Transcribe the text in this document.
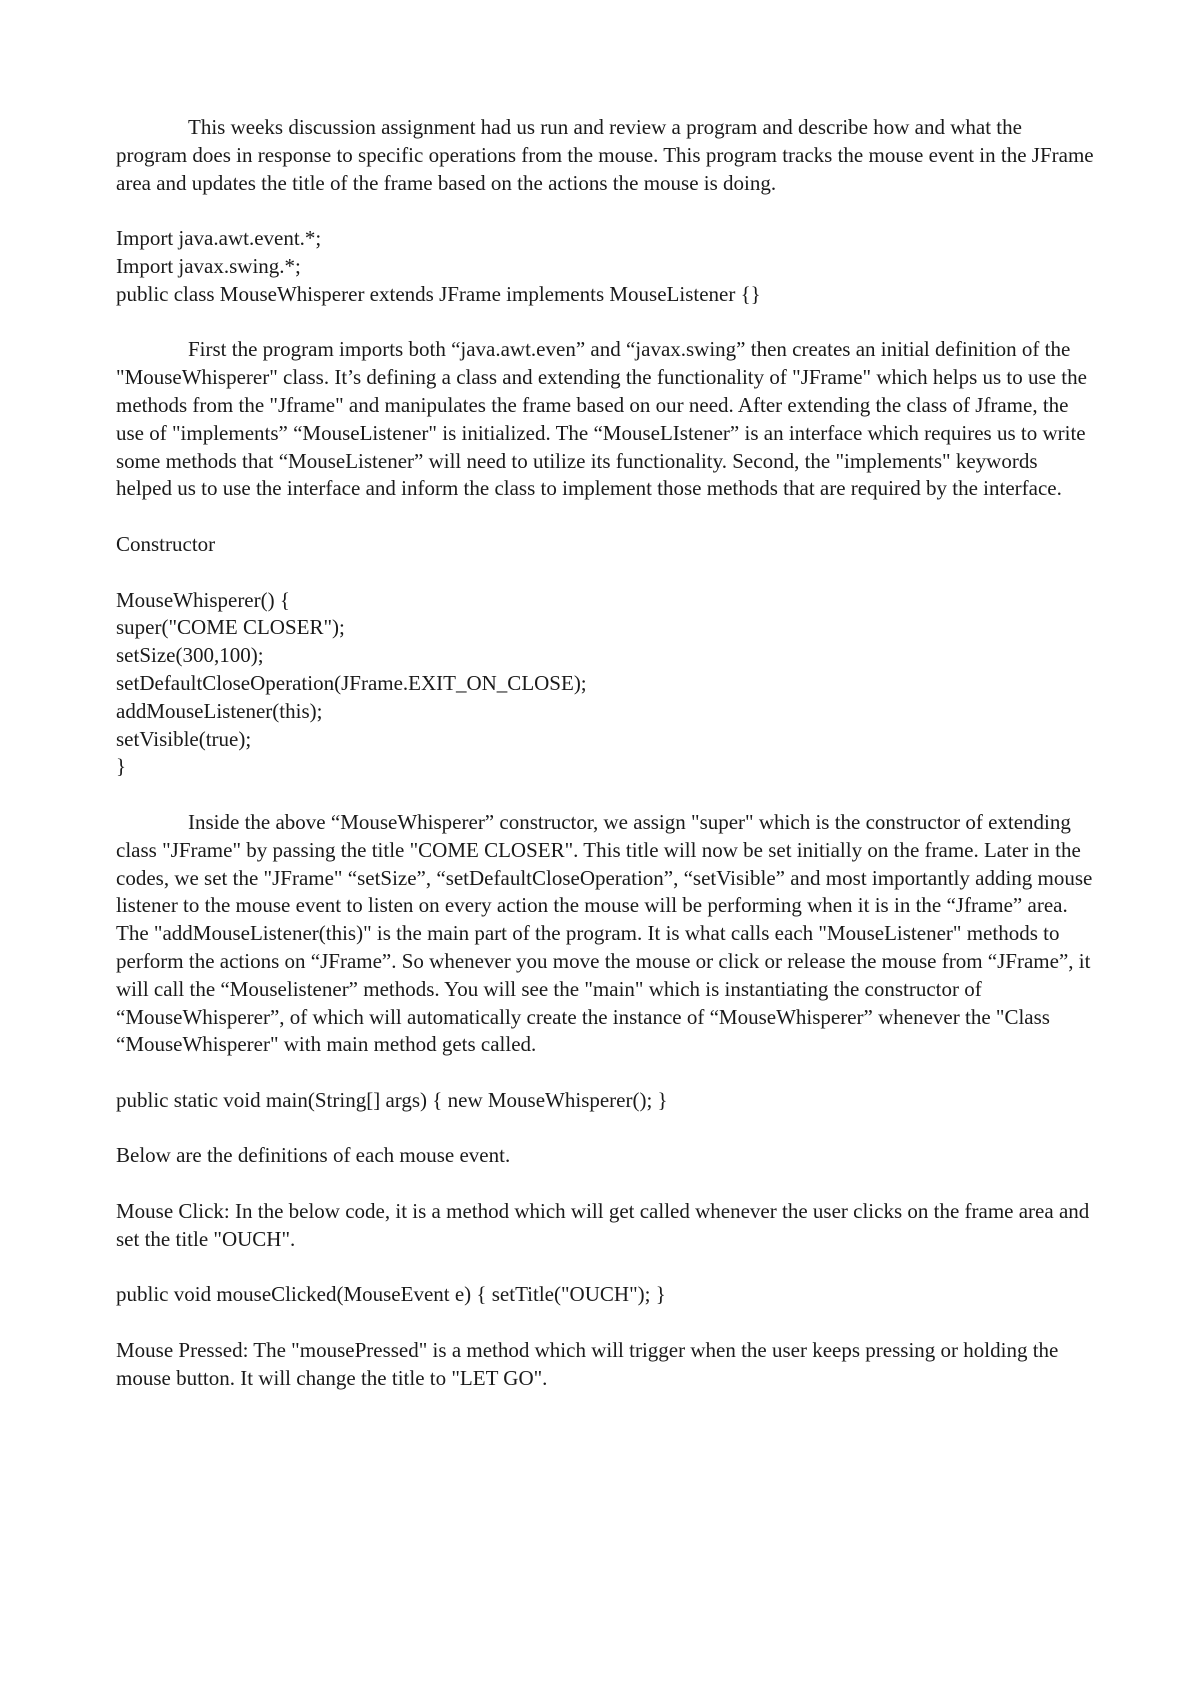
This weeks discussion assignment had us run and review a program and describe how and what the program does in response to specific operations from the mouse. This program tracks the mouse event in the JFrame area and updates the title of the frame based on the actions the mouse is doing.

Import java.awt.event.*;
Import javax.swing.*;
public class MouseWhisperer extends JFrame implements MouseListener {}

First the program imports both “java.awt.even” and “javax.swing” then creates an initial definition of the "MouseWhisperer" class. It’s defining a class and extending the functionality of "JFrame" which helps us to use the methods from the "Jframe" and manipulates the frame based on our need. After extending the class of Jframe, the use of "implements” “MouseListener" is initialized. The “MouseLIstener” is an interface which requires us to write some methods that “MouseListener” will need to utilize its functionality. Second, the "implements" keywords helped us to use the interface and inform the class to implement those methods that are required by the interface.

Constructor

MouseWhisperer() {
super("COME CLOSER");
setSize(300,100);
setDefaultCloseOperation(JFrame.EXIT_ON_CLOSE);
addMouseListener(this);
setVisible(true);
}

Inside the above “MouseWhisperer” constructor, we assign "super" which is the constructor of extending class "JFrame" by passing the title "COME CLOSER". This title will now be set initially on the frame. Later in the codes, we set the "JFrame" “setSize”, “setDefaultCloseOperation”, “setVisible” and most importantly adding mouse listener to the mouse event to listen on every action the mouse will be performing when it is in the “Jframe” area. The "addMouseListener(this)" is the main part of the program. It is what calls each "MouseListener" methods to perform the actions on “JFrame”. So whenever you move the mouse or click or release the mouse from “JFrame”, it will call the “Mouselistener” methods. You will see the "main" which is instantiating the constructor of “MouseWhisperer”, of which will automatically create the instance of “MouseWhisperer” whenever the "Class “MouseWhisperer" with main method gets called.

public static void main(String[] args) { new MouseWhisperer(); }

Below are the definitions of each mouse event.

Mouse Click: In the below code, it is a method which will get called whenever the user clicks on the frame area and set the title "OUCH".

public void mouseClicked(MouseEvent e) { setTitle("OUCH"); }

Mouse Pressed: The "mousePressed" is a method which will trigger when the user keeps pressing or holding the mouse button. It will change the title to "LET GO".
